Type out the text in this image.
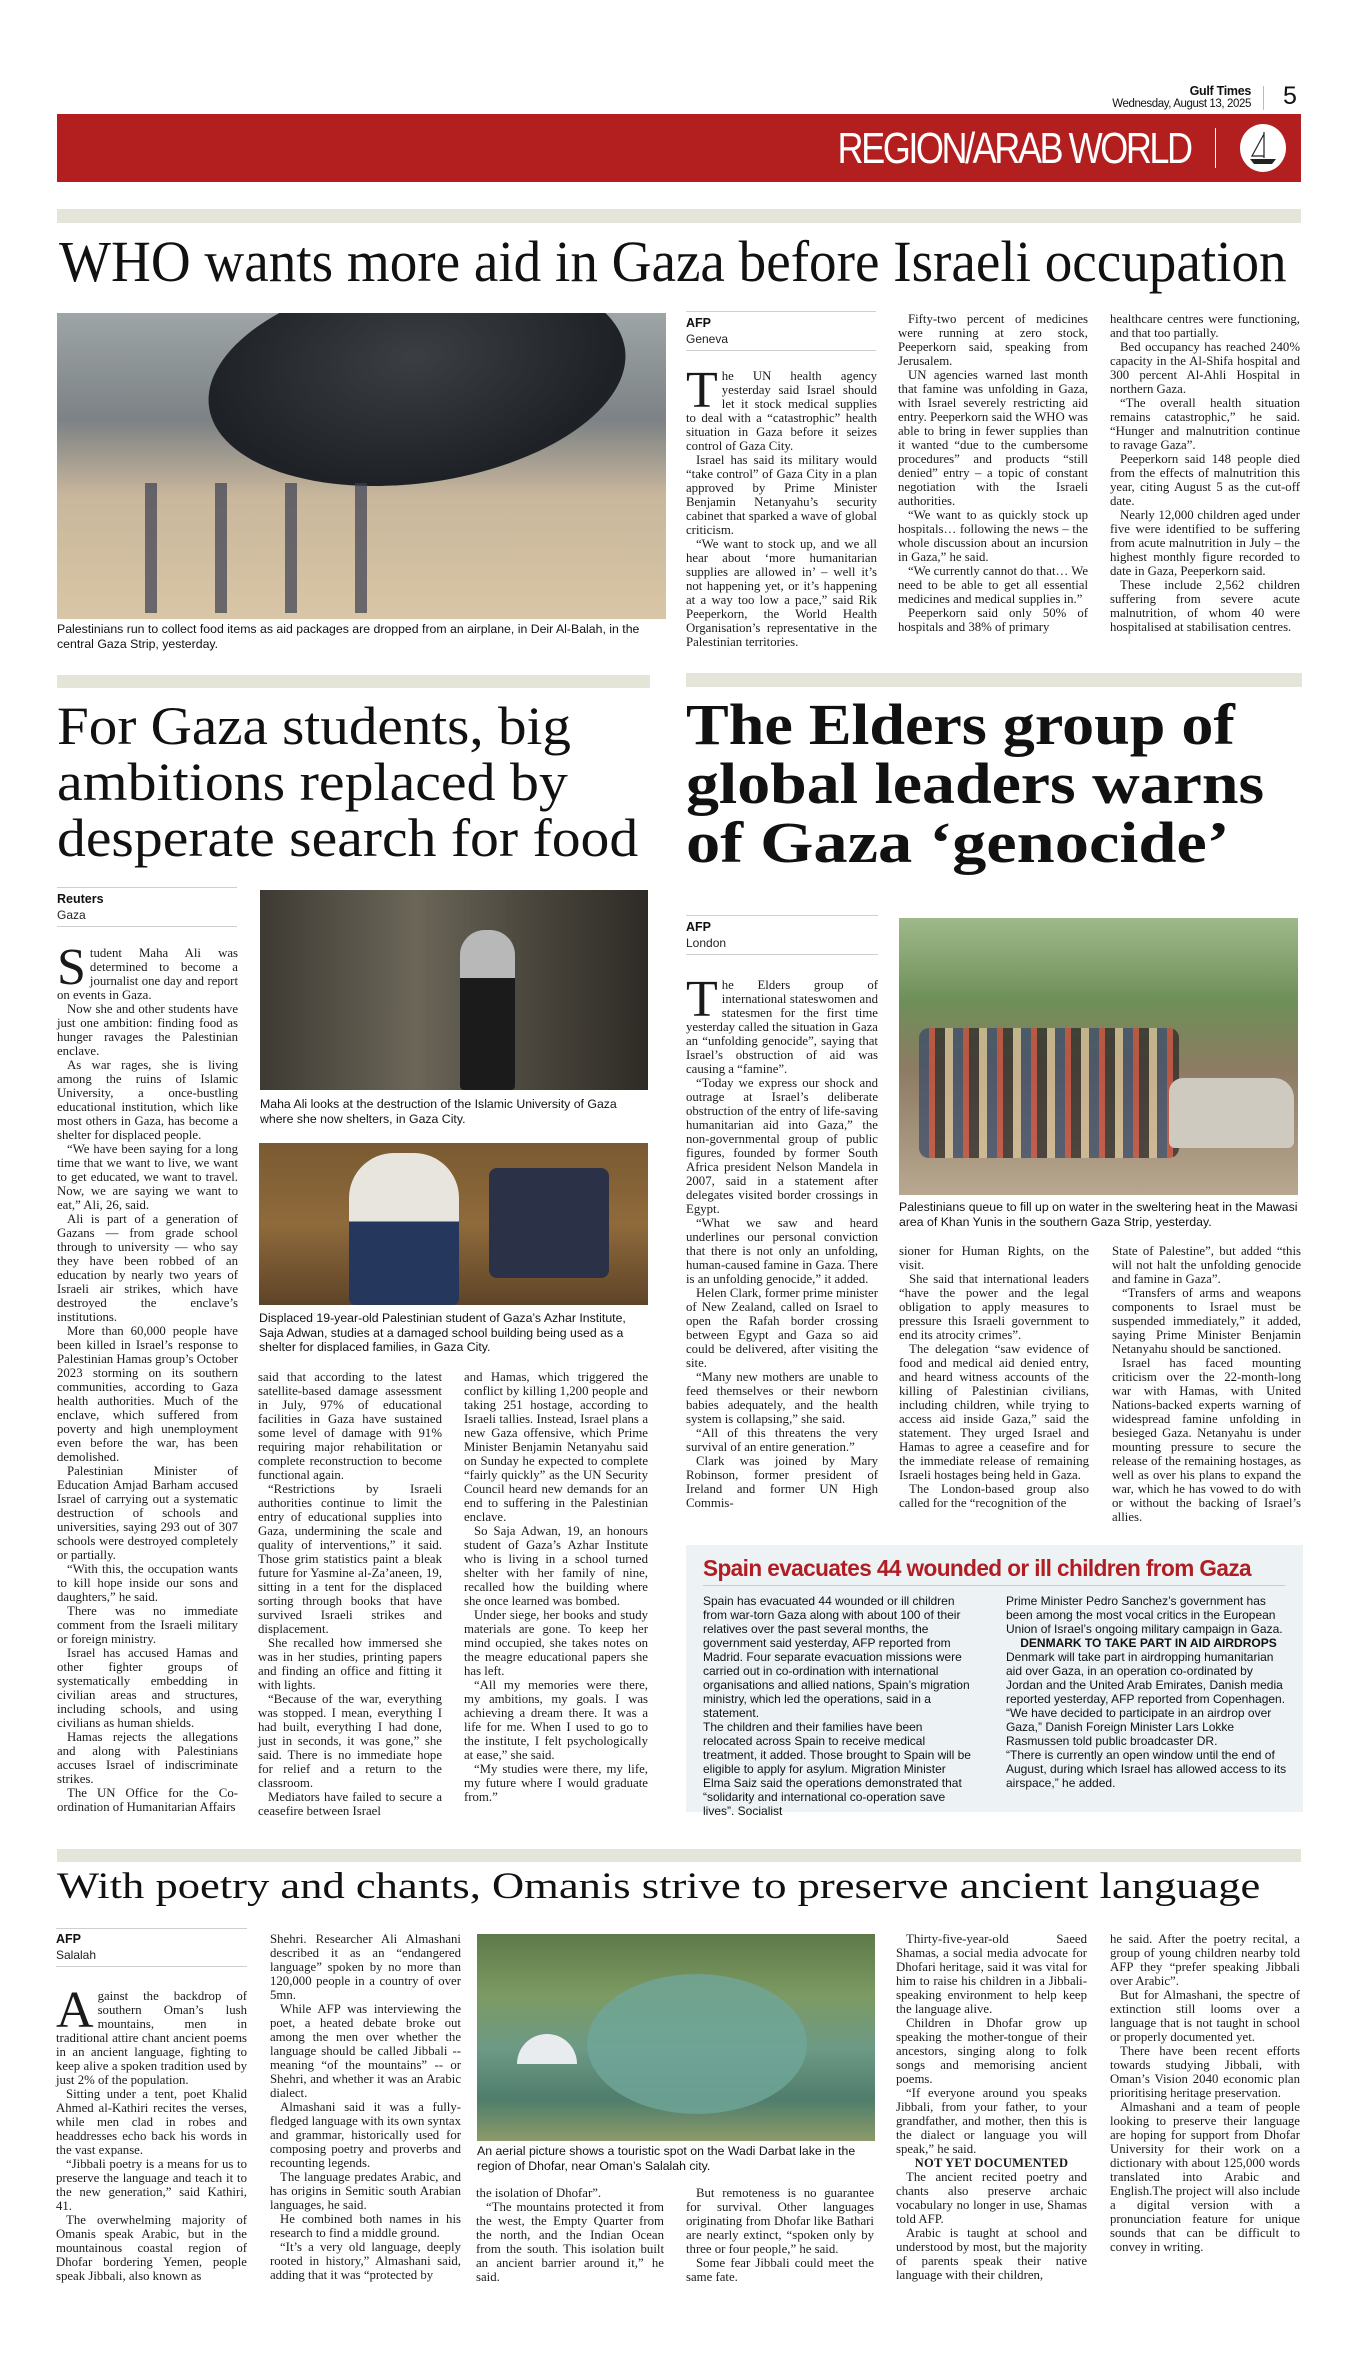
Gulf Times
Wednesday, August 13, 2025 5
REGION/ARAB WORLD
WHO wants more aid in Gaza before Israeli occupation
Palestinians run to collect food items as aid packages are dropped from an airplane, in Deir Al-Balah, in the central Gaza Strip, yesterday.
AFP
Geneva

The UN health agency yesterday said Israel should let it stock medical supplies to deal with a “catastrophic” health situation in Gaza before it seizes control of Gaza City.

Israel has said its military would “take control” of Gaza City in a plan approved by Prime Minister Benjamin Netanyahu’s security cabinet that sparked a wave of global criticism.

“We want to stock up, and we all hear about ‘more humanitarian supplies are allowed in’ – well it’s not happening yet, or it’s happening at a way too low a pace,” said Rik Peeperkorn, the World Health Organisation’s representative in the Palestinian territories.

Fifty-two percent of medicines were running at zero stock, Peeperkorn said, speaking from Jerusalem.

UN agencies warned last month that famine was unfolding in Gaza, with Israel severely restricting aid entry. Peeperkorn said the WHO was able to bring in fewer supplies than it wanted “due to the cumbersome procedures” and products “still denied” entry – a topic of constant negotiation with the Israeli authorities.

“We want to as quickly stock up hospitals… following the news – the whole discussion about an incursion in Gaza,” he said.

“We currently cannot do that… We need to be able to get all essential medicines and medical supplies in.”

Peeperkorn said only 50% of hospitals and 38% of primary

healthcare centres were functioning, and that too partially.

Bed occupancy has reached 240% capacity in the Al-Shifa hospital and 300 percent Al-Ahli Hospital in northern Gaza.

“The overall health situation remains catastrophic,” he said. “Hunger and malnutrition continue to ravage Gaza”.

Peeperkorn said 148 people died from the effects of malnutrition this year, citing August 5 as the cut-off date.

Nearly 12,000 children aged under five were identified to be suffering from acute malnutrition in July – the highest monthly figure recorded to date in Gaza, Peeperkorn said.

These include 2,562 children suffering from severe acute malnutrition, of whom 40 were hospitalised at stabilisation centres.

For Gaza students, big
ambitions replaced by
desperate search for food
Reuters
Gaza

Student Maha Ali was determined to become a journalist one day and report on events in Gaza.

Now she and other students have just one ambition: finding food as hunger ravages the Palestinian enclave.

As war rages, she is living among the ruins of Islamic University, a once-bustling educational institution, which like most others in Gaza, has become a shelter for displaced people.

“We have been saying for a long time that we want to live, we want to get educated, we want to travel. Now, we are saying we want to eat,” Ali, 26, said.

Ali is part of a generation of Gazans — from grade school through to university — who say they have been robbed of an education by nearly two years of Israeli air strikes, which have destroyed the enclave’s institutions.

More than 60,000 people have been killed in Israel’s response to Palestinian Hamas group’s October 2023 storming on its southern communities, according to Gaza health authorities. Much of the enclave, which suffered from poverty and high unemployment even before the war, has been demolished.

Palestinian Minister of Education Amjad Barham accused Israel of carrying out a systematic destruction of schools and universities, saying 293 out of 307 schools were destroyed completely or partially.

“With this, the occupation wants to kill hope inside our sons and daughters,” he said.

There was no immediate comment from the Israeli military or foreign ministry.

Israel has accused Hamas and other fighter groups of systematically embedding in civilian areas and structures, including schools, and using civilians as human shields.

Hamas rejects the allegations and along with Palestinians accuses Israel of indiscriminate strikes.

The UN Office for the Co-ordination of Humanitarian Affairs

Maha Ali looks at the destruction of the Islamic University of Gaza where she now shelters, in Gaza City.
Displaced 19-year-old Palestinian student of Gaza’s Azhar Institute, Saja Adwan, studies at a damaged school building being used as a shelter for displaced families, in Gaza City.

said that according to the latest satellite-based damage assessment in July, 97% of educational facilities in Gaza have sustained some level of damage with 91% requiring major rehabilitation or complete reconstruction to become functional again.

“Restrictions by Israeli authorities continue to limit the entry of educational supplies into Gaza, undermining the scale and quality of interventions,” it said. Those grim statistics paint a bleak future for Yasmine al-Za’aneen, 19, sitting in a tent for the displaced sorting through books that have survived Israeli strikes and displacement.

She recalled how immersed she was in her studies, printing papers and finding an office and fitting it with lights.

“Because of the war, everything was stopped. I mean, everything I had built, everything I had done, just in seconds, it was gone,” she said. There is no immediate hope for relief and a return to the classroom.

Mediators have failed to secure a ceasefire between Israel

and Hamas, which triggered the conflict by killing 1,200 people and taking 251 hostage, according to Israeli tallies. Instead, Israel plans a new Gaza offensive, which Prime Minister Benjamin Netanyahu said on Sunday he expected to complete “fairly quickly” as the UN Security Council heard new demands for an end to suffering in the Palestinian enclave.

So Saja Adwan, 19, an honours student of Gaza’s Azhar Institute who is living in a school turned shelter with her family of nine, recalled how the building where she once learned was bombed.

Under siege, her books and study materials are gone. To keep her mind occupied, she takes notes on the meagre educational papers she has left.

“All my memories were there, my ambitions, my goals. I was achieving a dream there. It was a life for me. When I used to go to the institute, I felt psychologically at ease,” she said.

“My studies were there, my life, my future where I would graduate from.”

The Elders group of
global leaders warns
of Gaza ‘genocide’
AFP
London

The Elders group of international stateswomen and statesmen for the first time yesterday called the situation in Gaza an “unfolding genocide”, saying that Israel’s obstruction of aid was causing a “famine”.

“Today we express our shock and outrage at Israel’s deliberate obstruction of the entry of life-saving humanitarian aid into Gaza,” the non-governmental group of public figures, founded by former South Africa president Nelson Mandela in 2007, said in a statement after delegates visited border crossings in Egypt.

“What we saw and heard underlines our personal conviction that there is not only an unfolding, human-caused famine in Gaza. There is an unfolding genocide,” it added.

Helen Clark, former prime minister of New Zealand, called on Israel to open the Rafah border crossing between Egypt and Gaza so aid could be delivered, after visiting the site.

“Many new mothers are unable to feed themselves or their newborn babies adequately, and the health system is collapsing,” she said.

“All of this threatens the very survival of an entire generation.”

Clark was joined by Mary Robinson, former president of Ireland and former UN High Commis-

Palestinians queue to fill up on water in the sweltering heat in the Mawasi area of Khan Yunis in the southern Gaza Strip, yesterday.

sioner for Human Rights, on the visit.

She said that international leaders “have the power and the legal obligation to apply measures to pressure this Israeli government to end its atrocity crimes”.

The delegation “saw evidence of food and medical aid denied entry, and heard witness accounts of the killing of Palestinian civilians, including children, while trying to access aid inside Gaza,” said the statement. They urged Israel and Hamas to agree a ceasefire and for the immediate release of remaining Israeli hostages being held in Gaza.

The London-based group also called for the “recognition of the

State of Palestine”, but added “this will not halt the unfolding genocide and famine in Gaza”.

“Transfers of arms and weapons components to Israel must be suspended immediately,” it added, saying Prime Minister Benjamin Netanyahu should be sanctioned.

Israel has faced mounting criticism over the 22-month-long war with Hamas, with United Nations-backed experts warning of widespread famine unfolding in besieged Gaza. Netanyahu is under mounting pressure to secure the release of the remaining hostages, as well as over his plans to expand the war, which he has vowed to do with or without the backing of Israel’s allies.

Spain evacuates 44 wounded or ill children from Gaza

Spain has evacuated 44 wounded or ill children from war-torn Gaza along with about 100 of their relatives over the past several months, the government said yesterday, AFP reported from Madrid. Four separate evacuation missions were carried out in co-ordination with international organisations and allied nations, Spain’s migration ministry, which led the operations, said in a statement.

The children and their families have been relocated across Spain to receive medical treatment, it added. Those brought to Spain will be eligible to apply for asylum. Migration Minister Elma Saiz said the operations demonstrated that “solidarity and international co-operation save lives”. Socialist

Prime Minister Pedro Sanchez’s government has been among the most vocal critics in the European Union of Israel’s ongoing military campaign in Gaza.

DENMARK TO TAKE PART IN AID AIRDROPS

Denmark will take part in airdropping humanitarian aid over Gaza, in an operation co-ordinated by Jordan and the United Arab Emirates, Danish media reported yesterday, AFP reported from Copenhagen.

“We have decided to participate in an airdrop over Gaza,” Danish Foreign Minister Lars Lokke Rasmussen told public broadcaster DR.

“There is currently an open window until the end of August, during which Israel has allowed access to its airspace,” he added.

With poetry and chants, Omanis strive to preserve ancient language
AFP
Salalah

Against the backdrop of southern Oman’s lush mountains, men in traditional attire chant ancient poems in an ancient language, fighting to keep alive a spoken tradition used by just 2% of the population.

Sitting under a tent, poet Khalid Ahmed al-Kathiri recites the verses, while men clad in robes and headdresses echo back his words in the vast expanse.

“Jibbali poetry is a means for us to preserve the language and teach it to the new generation,” said Kathiri, 41.

The overwhelming majority of Omanis speak Arabic, but in the mountainous coastal region of Dhofar bordering Yemen, people speak Jibbali, also known as

Shehri. Researcher Ali Almashani described it as an “endangered language” spoken by no more than 120,000 people in a country of over 5mn.

While AFP was interviewing the poet, a heated debate broke out among the men over whether the language should be called Jibbali -- meaning “of the mountains” -- or Shehri, and whether it was an Arabic dialect.

Almashani said it was a fully-fledged language with its own syntax and grammar, historically used for composing poetry and proverbs and recounting legends.

The language predates Arabic, and has origins in Semitic south Arabian languages, he said.

He combined both names in his research to find a middle ground.

“It’s a very old language, deeply rooted in history,” Almashani said, adding that it was “protected by

An aerial picture shows a touristic spot on the Wadi Darbat lake in the region of Dhofar, near Oman’s Salalah city.

the isolation of Dhofar”.

“The mountains protected it from the west, the Empty Quarter from the north, and the Indian Ocean from the south. This isolation built an ancient barrier around it,” he said.

But remoteness is no guarantee for survival. Other languages originating from Dhofar like Bathari are nearly extinct, “spoken only by three or four people,” he said.

Some fear Jibbali could meet the same fate.

Thirty-five-year-old Saeed Shamas, a social media advocate for Dhofari heritage, said it was vital for him to raise his children in a Jibbali-speaking environment to help keep the language alive.

Children in Dhofar grow up speaking the mother-tongue of their ancestors, singing along to folk songs and memorising ancient poems.

“If everyone around you speaks Jibbali, from your father, to your grandfather, and mother, then this is the dialect or language you will speak,” he said.

NOT YET DOCUMENTED

The ancient recited poetry and chants also preserve archaic vocabulary no longer in use, Shamas told AFP.

Arabic is taught at school and understood by most, but the majority of parents speak their native language with their children,

he said. After the poetry recital, a group of young children nearby told AFP they “prefer speaking Jibbali over Arabic”.

But for Almashani, the spectre of extinction still looms over a language that is not taught in school or properly documented yet.

There have been recent efforts towards studying Jibbali, with Oman’s Vision 2040 economic plan prioritising heritage preservation.

Almashani and a team of people looking to preserve their language are hoping for support from Dhofar University for their work on a dictionary with about 125,000 words translated into Arabic and English.The project will also include a digital version with a pronunciation feature for unique sounds that can be difficult to convey in writing.
